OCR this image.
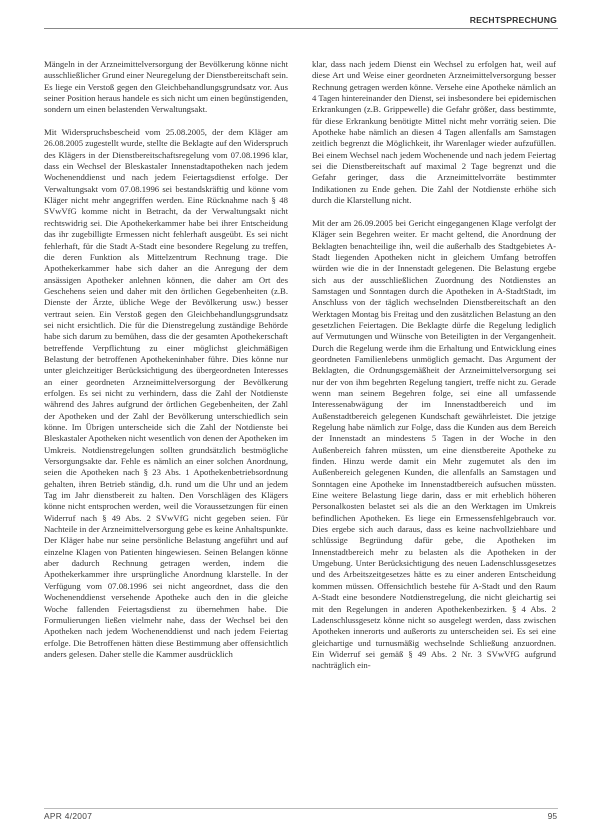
RECHTSPRECHUNG

Mängeln in der Arzneimittelversorgung der Bevölkerung könne nicht ausschließlicher Grund einer Neuregelung der Dienstbereitschaft sein. Es liege ein Verstoß gegen den Gleichbehandlungsgrundsatz vor. Aus seiner Position heraus handele es sich nicht um einen begünstigenden, sondern um einen belastenden Verwaltungsakt.

Mit Widerspruchsbescheid vom 25.08.2005, der dem Kläger am 26.08.2005 zugestellt wurde, stellte die Beklagte auf den Widerspruch des Klägers in der Dienstbereitschaftsregelung vom 07.08.1996 klar, dass ein Wechsel der Bleskastaler Innenstadtapotheken nach jedem Wochenenddienst und nach jedem Feiertagsdienst erfolge. Der Verwaltungsakt vom 07.08.1996 sei bestandskräftig und könne vom Kläger nicht mehr angegriffen werden. Eine Rücknahme nach § 48 SVwVfG komme nicht in Betracht, da der Verwaltungsakt nicht rechtswidrig sei. Die Apothekerkammer habe bei ihrer Entscheidung das ihr zugebilligte Ermessen nicht fehlerhaft ausgeübt. Es sei nicht fehlerhaft, für die Stadt A-Stadt eine besondere Regelung zu treffen, die deren Funktion als Mittelzentrum Rechnung trage. Die Apothekerkammer habe sich daher an die Anregung der dem ansässigen Apotheker anlehnen können, die daher am Ort des Geschehens seien und daher mit den örtlichen Gegebenheiten (z.B. Dienste der Ärzte, übliche Wege der Bevölkerung usw.) besser vertraut seien. Ein Verstoß gegen den Gleichbehandlungsgrundsatz sei nicht ersichtlich. Die für die Dienstregelung zuständige Behörde habe sich darum zu bemühen, dass die der gesamten Apothekerschaft betreffende Verpflichtung zu einer möglichst gleichmäßigen Belastung der betroffenen Apothekeninhaber führe. Dies könne nur unter gleichzeitiger Berücksichtigung des übergeordneten Interesses an einer geordneten Arzneimittelversorgung der Bevölkerung erfolgen. Es sei nicht zu verhindern, dass die Zahl der Notdienste während des Jahres aufgrund der örtlichen Gegebenheiten, der Zahl der Apotheken und der Zahl der Bevölkerung unterschiedlich sein könne. Im Übrigen unterscheide sich die Zahl der Notdienste bei Bleskastaler Apotheken nicht wesentlich von denen der Apotheken im Umkreis. Notdienstregelungen sollten grundsätzlich bestmögliche Versorgungsakte dar. Fehle es nämlich an einer solchen Anordnung, seien die Apotheken nach § 23 Abs. 1 Apothekenbetriebsordnung gehalten, ihren Betrieb ständig, d.h. rund um die Uhr und an jedem Tag im Jahr dienstbereit zu halten. Den Vorschlägen des Klägers könne nicht entsprochen werden, weil die Voraussetzungen für einen Widerruf nach § 49 Abs. 2 SVwVfG nicht gegeben seien. Für Nachteile in der Arzneimittelversorgung gebe es keine Anhaltspunkte. Der Kläger habe nur seine persönliche Belastung angeführt und auf einzelne Klagen von Patienten hingewiesen. Seinen Belangen könne aber dadurch Rechnung getragen werden, indem die Apothekerkammer ihre ursprüngliche Anordnung klarstelle. In der Verfügung vom 07.08.1996 sei nicht angeordnet, dass die den Wochenenddienst versehende Apotheke auch den in die gleiche Woche fallenden Feiertagsdienst zu übernehmen habe. Die Formulierungen ließen vielmehr nahe, dass der Wechsel bei den Apotheken nach jedem Wochenenddienst und nach jedem Feiertag erfolge. Die Betroffenen hätten diese Bestimmung aber offensichtlich anders gelesen. Daher stelle die Kammer ausdrücklich

klar, dass nach jedem Dienst ein Wechsel zu erfolgen hat, weil auf diese Art und Weise einer geordneten Arzneimittelversorgung besser Rechnung getragen werden könne. Versehe eine Apotheke nämlich an 4 Tagen hintereinander den Dienst, sei insbesondere bei epidemischen Erkrankungen (z.B. Grippewelle) die Gefahr größer, dass bestimmte, für diese Erkrankung benötigte Mittel nicht mehr vorrätig seien. Die Apotheke habe nämlich an diesen 4 Tagen allenfalls am Samstagen zeitlich begrenzt die Möglichkeit, ihr Warenlager wieder aufzufüllen. Bei einem Wechsel nach jedem Wochenende und nach jedem Feiertag sei die Dienstbereitschaft auf maximal 2 Tage begrenzt und die Gefahr geringer, dass die Arzneimittelvorräte bestimmter Indikationen zu Ende gehen. Die Zahl der Notdienste erhöhe sich durch die Klarstellung nicht.

Mit der am 26.09.2005 bei Gericht eingegangenen Klage verfolgt der Kläger sein Begehren weiter. Er macht geltend, die Anordnung der Beklagten benachteilige ihn, weil die außerhalb des Stadtgebietes A-Stadt liegenden Apotheken nicht in gleichem Umfang betroffen würden wie die in der Innenstadt gelegenen. Die Belastung ergebe sich aus der ausschließlichen Zuordnung des Notdienstes an Samstagen und Sonntagen durch die Apotheken in A-StadtStadt, im Anschluss von der täglich wechselnden Dienstbereitschaft an den Werktagen Montag bis Freitag und den zusätzlichen Belastung an den gesetzlichen Feiertagen. Die Beklagte dürfe die Regelung lediglich auf Vermutungen und Wünsche von Beteiligten in der Vergangenheit. Durch die Regelung werde ihm die Erhaltung und Entwicklung eines geordneten Familienlebens unmöglich gemacht. Das Argument der Beklagten, die Ordnungsgemäßheit der Arzneimittelversorgung sei nur der von ihm begehrten Regelung tangiert, treffe nicht zu. Gerade wenn man seinem Begehren folge, sei eine all umfassende Interessenabwägung der im Innenstadtbereich und im Außenstadtbereich gelegenen Kundschaft gewährleistet. Die jetzige Regelung habe nämlich zur Folge, dass die Kunden aus dem Bereich der Innenstadt an mindestens 5 Tagen in der Woche in den Außenbereich fahren müssten, um eine dienstbereite Apotheke zu finden. Hinzu werde damit ein Mehr zugemutet als den im Außenbereich gelegenen Kunden, die allenfalls an Samstagen und Sonntagen eine Apotheke im Innenstadtbereich aufsuchen müssten. Eine weitere Belastung liege darin, dass er mit erheblich höheren Personalkosten belastet sei als die an den Werktagen im Umkreis befindlichen Apotheken. Es liege ein Ermessensfehlgebrauch vor. Dies ergebe sich auch daraus, dass es keine nachvollziehbare und schlüssige Begründung dafür gebe, die Apotheken im Innenstadtbereich mehr zu belasten als die Apotheken in der Umgebung. Unter Berücksichtigung des neuen Ladenschlussgesetzes und des Arbeitszeitgesetzes hätte es zu einer anderen Entscheidung kommen müssen. Offensichtlich bestehe für A-Stadt und den Raum A-Stadt eine besondere Notdienstregelung, die nicht gleichartig sei mit den Regelungen in anderen Apothekenbezirken. § 4 Abs. 2 Ladenschlussgesetz könne nicht so ausgelegt werden, dass zwischen Apotheken innerorts und außerorts zu unterscheiden sei. Es sei eine gleichartige und turnusmäßig wechselnde Schließung anzuordnen. Ein Widerruf sei gemäß § 49 Abs. 2 Nr. 3 SVwVfG aufgrund nachträglich ein-

APR 4/2007	95
